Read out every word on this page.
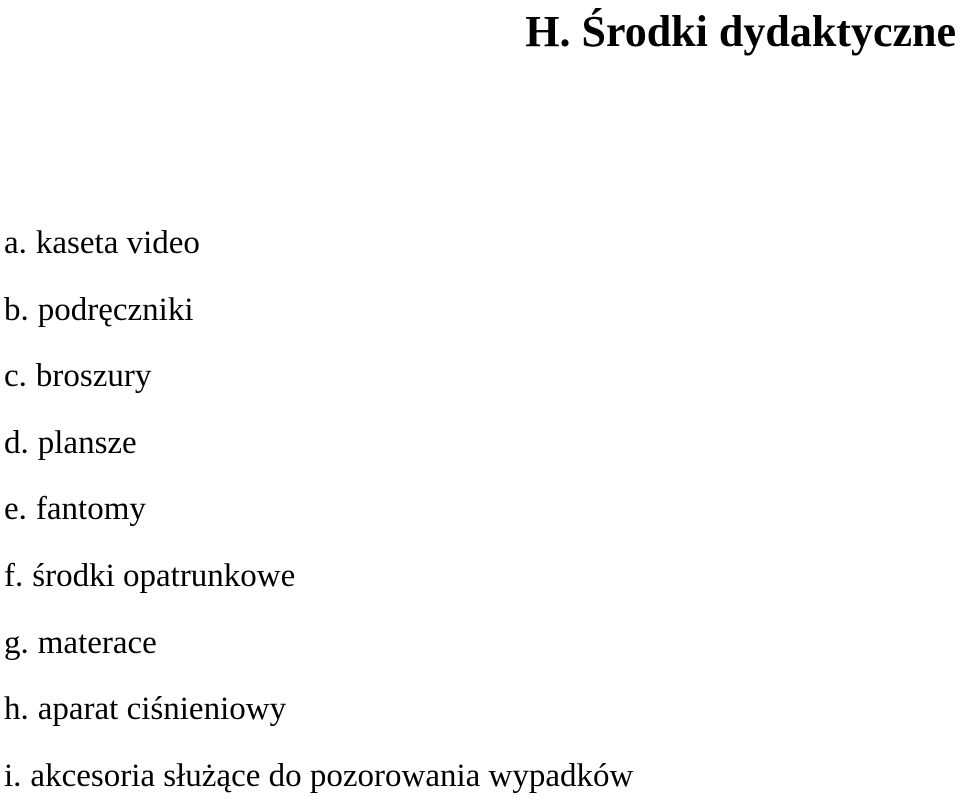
H. Środki dydaktyczne
a. kaseta video
b. podręczniki
c. broszury
d. plansze
e. fantomy
f. środki opatrunkowe
g. materace
h. aparat ciśnieniowy
i. akcesoria służące do pozorowania wypadków
